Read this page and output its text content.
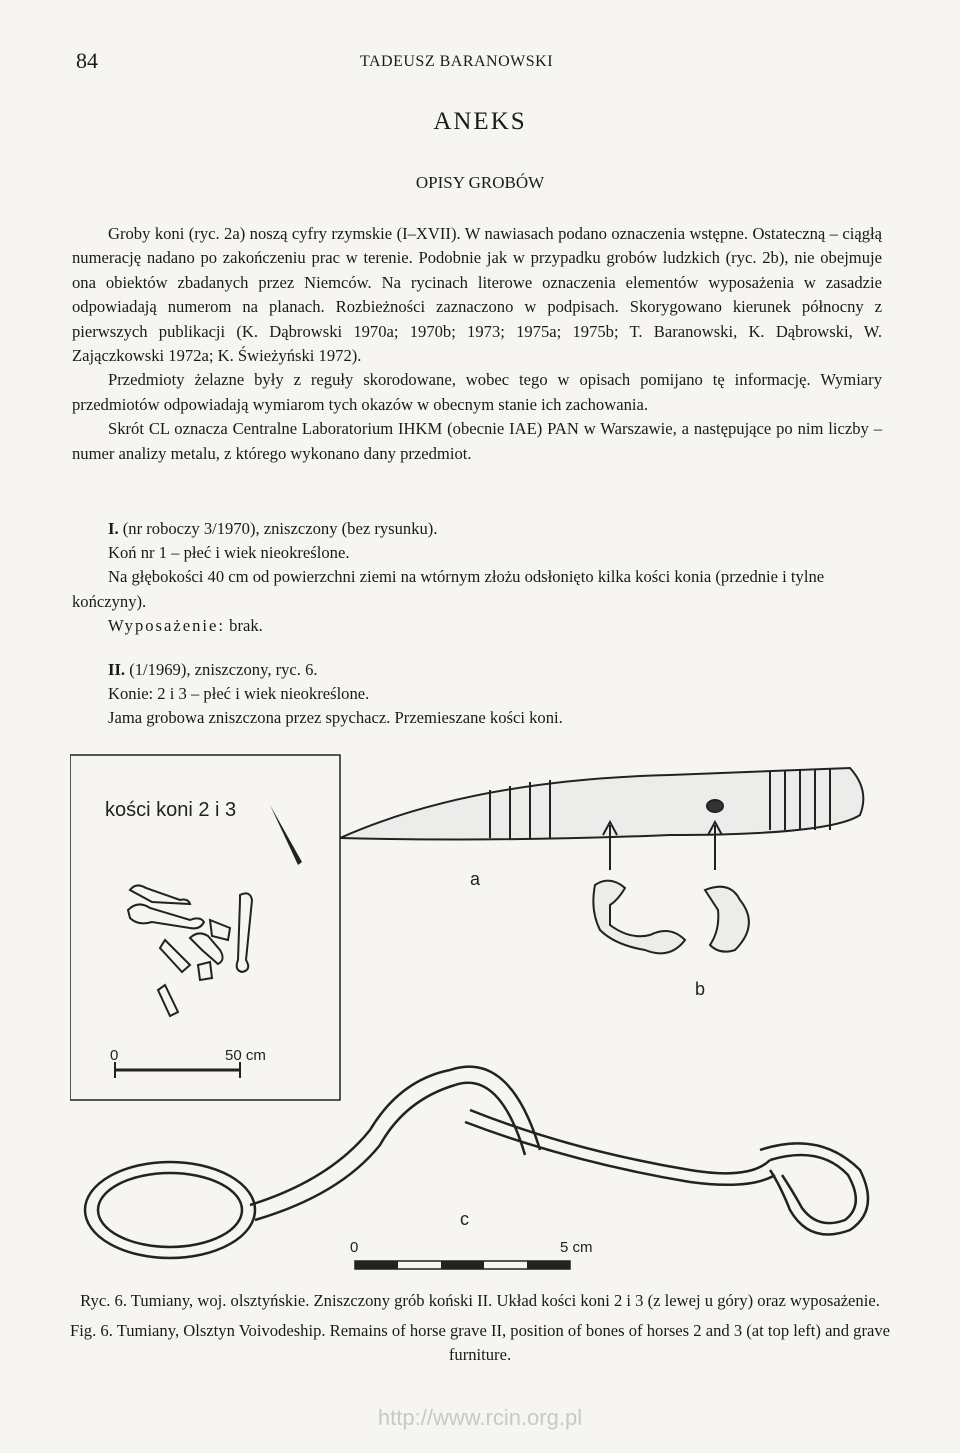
84	TADEUSZ BARANOWSKI
ANEKS
OPISY GROBÓW

Groby koni (ryc. 2a) noszą cyfry rzymskie (I–XVII). W nawiasach podano oznaczenia wstępne. Ostateczną – ciągłą numerację nadano po zakończeniu prac w terenie. Podobnie jak w przypadku grobów ludzkich (ryc. 2b), nie obejmuje ona obiektów zbadanych przez Niemców. Na rycinach literowe oznaczenia elementów wyposażenia w zasadzie odpowiadają numerom na planach. Rozbieżności zaznaczono w podpisach. Skorygowano kierunek północny z pierwszych publikacji (K. Dąbrowski 1970a; 1970b; 1973; 1975a; 1975b; T. Baranowski, K. Dąbrowski, W. Zajączkowski 1972a; K. Świeżyński 1972).

Przedmioty żelazne były z reguły skorodowane, wobec tego w opisach pomijano tę informację. Wymiary przedmiotów odpowiadają wymiarom tych okazów w obecnym stanie ich zachowania.

Skrót CL oznacza Centralne Laboratorium IHKM (obecnie IAE) PAN w Warszawie, a następujące po nim liczby – numer analizy metalu, z którego wykonano dany przedmiot.

I. (nr roboczy 3/1970), zniszczony (bez rysunku).

Koń nr 1 – płeć i wiek nieokreślone.

Na głębokości 40 cm od powierzchni ziemi na wtórnym złożu odsłonięto kilka kości konia (przednie i tylne kończyny).

Wyposażenie: brak.

II. (1/1969), zniszczony, ryc. 6.

Konie: 2 i 3 – płeć i wiek nieokreślone.

Jama grobowa zniszczona przez spychacz. Przemieszane kości koni.

kości koni 2 i 3
0	50 cm
a
b
c
0	5 cm

Ryc. 6. Tumiany, woj. olsztyńskie. Zniszczony grób koński II. Układ kości koni 2 i 3 (z lewej u góry) oraz wyposażenie.

Fig. 6. Tumiany, Olsztyn Voivodeship. Remains of horse grave II, position of bones of horses 2 and 3 (at top left) and grave furniture.

http://www.rcin.org.pl
